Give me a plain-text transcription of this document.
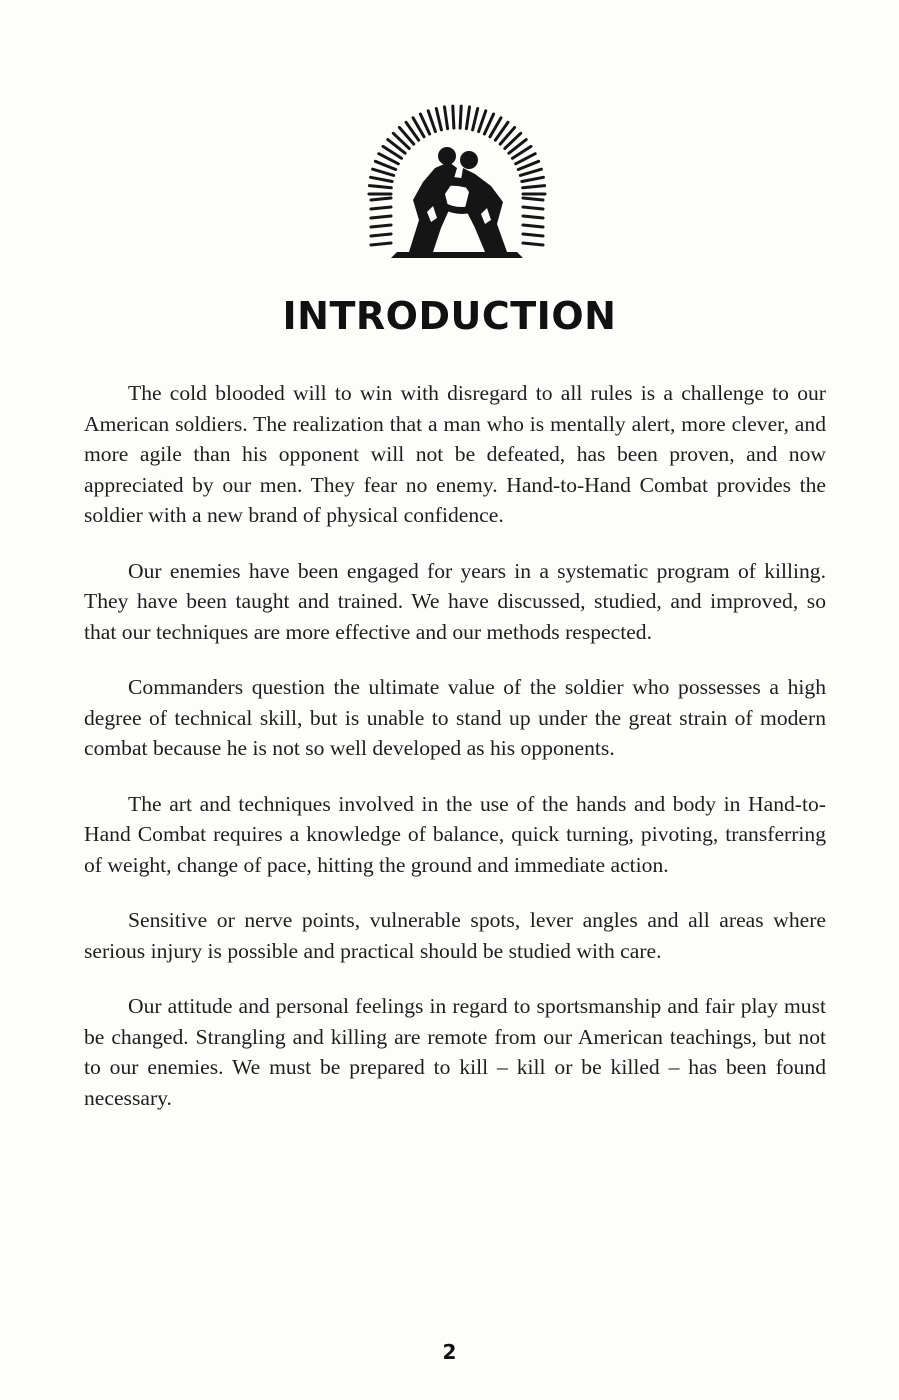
INTRODUCTION

The cold blooded will to win with disregard to all rules is a challenge to our American soldiers. The realization that a man who is mentally alert, more clever, and more agile than his opponent will not be defeated, has been proven, and now appreciated by our men. They fear no enemy. Hand-to-Hand Combat provides the soldier with a new brand of physical confidence.

Our enemies have been engaged for years in a systematic program of killing. They have been taught and trained. We have discussed, studied, and improved, so that our techniques are more effective and our methods respected.

Commanders question the ultimate value of the soldier who possesses a high degree of technical skill, but is unable to stand up under the great strain of modern combat because he is not so well developed as his opponents.

The art and techniques involved in the use of the hands and body in Hand-to-Hand Combat requires a knowledge of balance, quick turning, pivoting, transferring of weight, change of pace, hitting the ground and immediate action.

Sensitive or nerve points, vulnerable spots, lever angles and all areas where serious injury is possible and practical should be studied with care.

Our attitude and personal feelings in regard to sportsmanship and fair play must be changed. Strangling and killing are remote from our American teachings, but not to our enemies. We must be prepared to kill – kill or be killed – has been found necessary.

2
